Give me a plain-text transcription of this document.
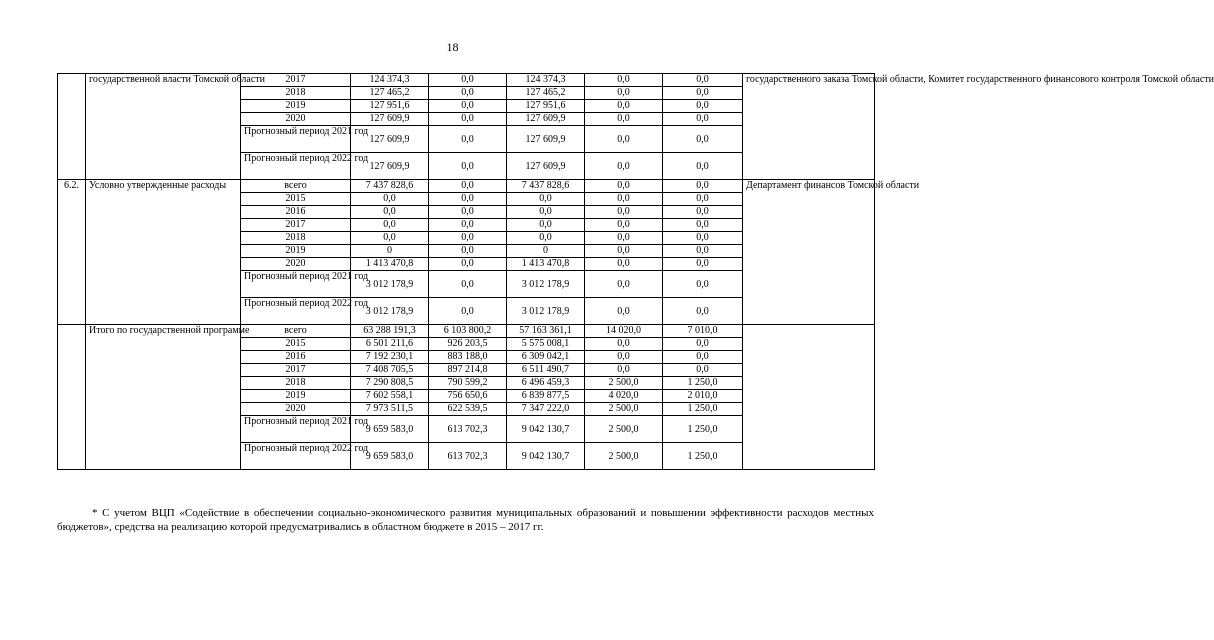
18
	государственной власти Томской области	2017	124 374,3	0,0	124 374,3	0,0	0,0	государственного заказа Томской области, Комитет государственного финансового контроля Томской области
		2018	127 465,2	0,0	127 465,2	0,0	0,0	
		2019	127 951,6	0,0	127 951,6	0,0	0,0	
		2020	127 609,9	0,0	127 609,9	0,0	0,0	
		Прогнозный период 2021 год	127 609,9	0,0	127 609,9	0,0	0,0	
		Прогнозный период 2022 год	127 609,9	0,0	127 609,9	0,0	0,0	
6.2.	Условно утвержденные расходы	всего	7 437 828,6	0,0	7 437 828,6	0,0	0,0	Департамент финансов Томской области
		2015	0,0	0,0	0,0	0,0	0,0	
		2016	0,0	0,0	0,0	0,0	0,0	
		2017	0,0	0,0	0,0	0,0	0,0	
		2018	0,0	0,0	0,0	0,0	0,0	
		2019	0	0,0	0	0,0	0,0	
		2020	1 413 470,8	0,0	1 413 470,8	0,0	0,0	
		Прогнозный период 2021 год	3 012 178,9	0,0	3 012 178,9	0,0	0,0	
		Прогнозный период 2022 год	3 012 178,9	0,0	3 012 178,9	0,0	0,0	
	Итого по государственной программе	всего	63 288 191,3	6 103 800,2	57 163 361,1	14 020,0	7 010,0	
		2015	6 501 211,6	926 203,5	5 575 008,1	0,0	0,0	
		2016	7 192 230,1	883 188,0	6 309 042,1	0,0	0,0	
		2017	7 408 705,5	897 214,8	6 511 490,7	0,0	0,0	
		2018	7 290 808,5	790 599,2	6 496 459,3	2 500,0	1 250,0	
		2019	7 602 558,1	756 650,6	6 839 877,5	4 020,0	2 010,0	
		2020	7 973 511,5	622 539,5	7 347 222,0	2 500,0	1 250,0	
		Прогнозный период 2021 год	9 659 583,0	613 702,3	9 042 130,7	2 500,0	1 250,0	
		Прогнозный период 2022 год	9 659 583,0	613 702,3	9 042 130,7	2 500,0	1 250,0	

* С учетом ВЦП «Содействие в обеспечении социально-экономического развития муниципальных образований и повышении эффективности расходов местных бюджетов», средства на реализацию которой предусматривались в областном бюджете в 2015 – 2017 гг.
